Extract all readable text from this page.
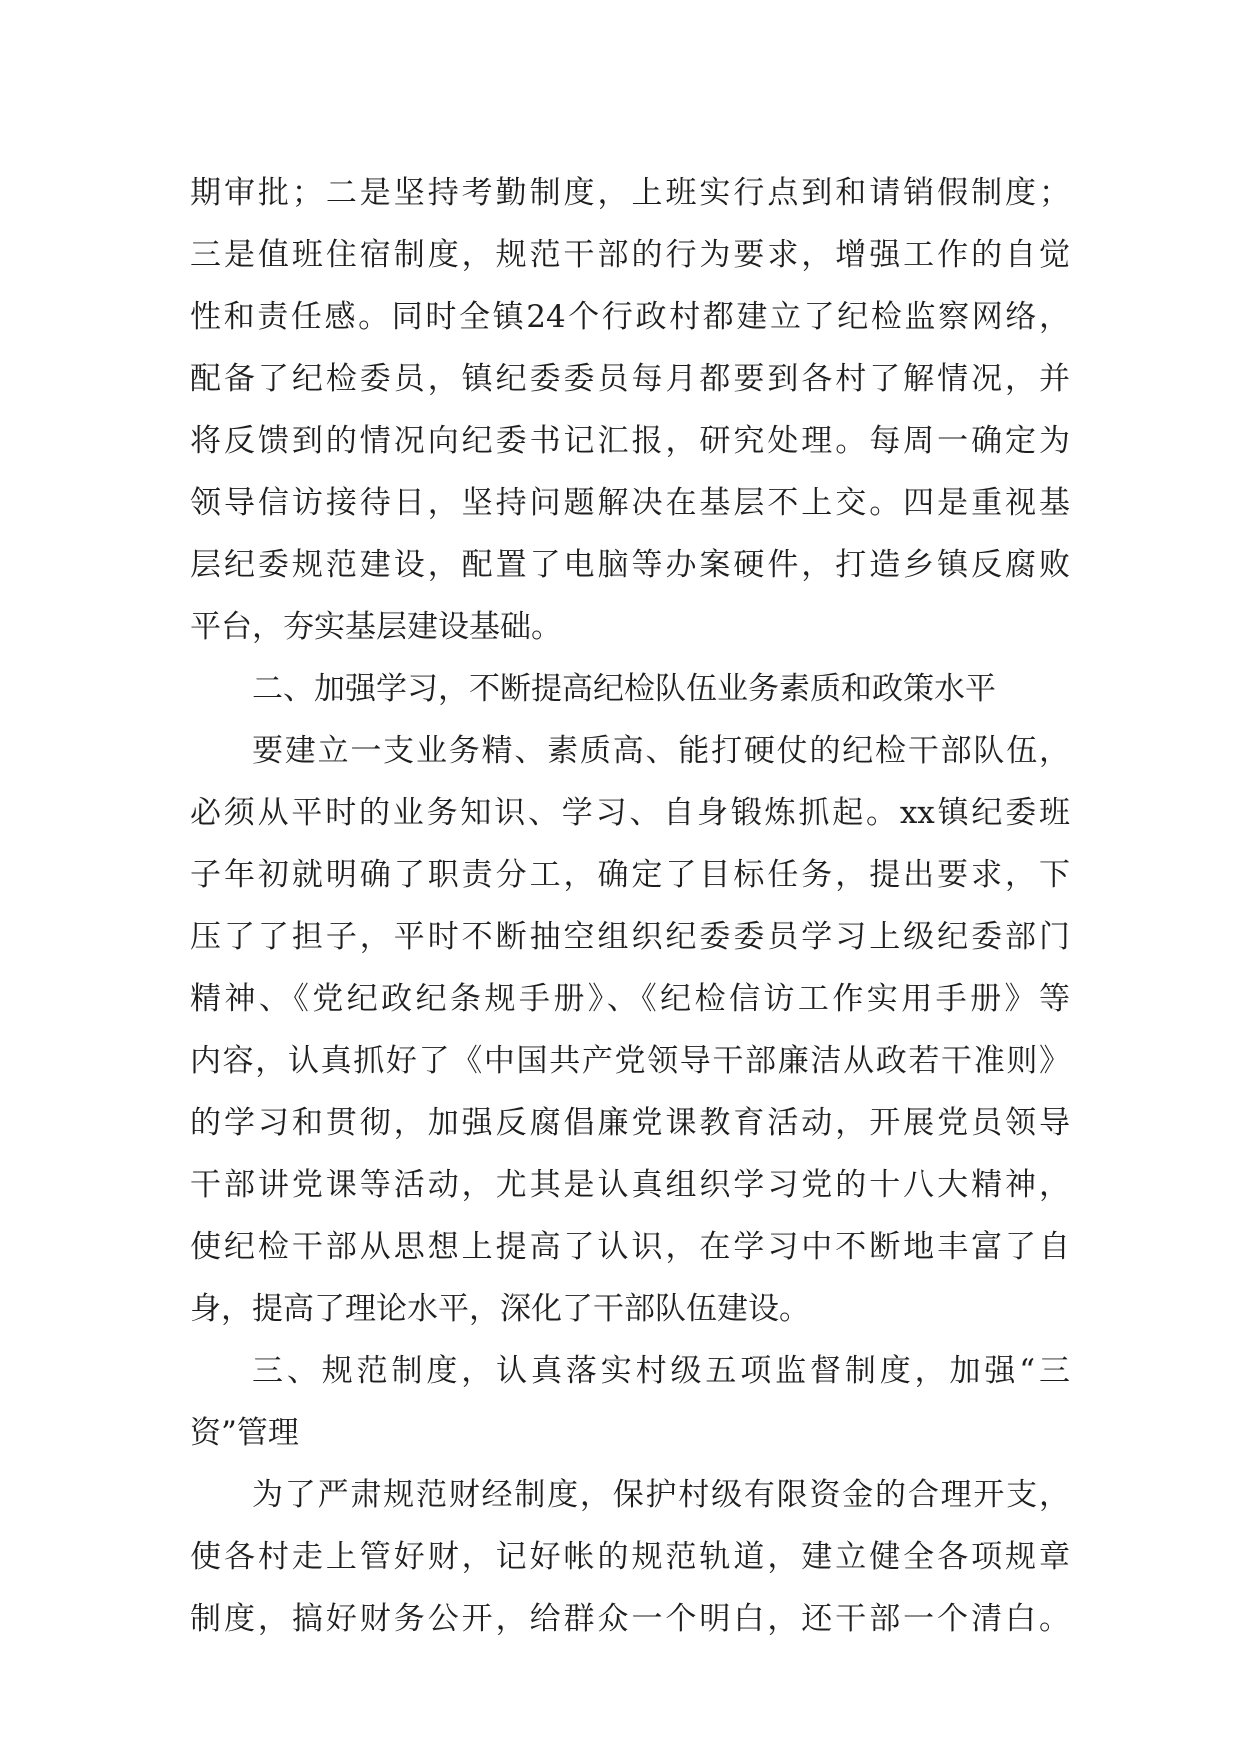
期审批；二是坚持考勤制度，上班实行点到和请销假制度；
三是值班住宿制度，规范干部的行为要求，增强工作的自觉
性和责任感。同时全镇24个行政村都建立了纪检监察网络，
配备了纪检委员，镇纪委委员每月都要到各村了解情况，并
将反馈到的情况向纪委书记汇报，研究处理。每周一确定为
领导信访接待日，坚持问题解决在基层不上交。四是重视基
层纪委规范建设，配置了电脑等办案硬件，打造乡镇反腐败
平台，夯实基层建设基础。
二、加强学习，不断提高纪检队伍业务素质和政策水平
要建立一支业务精、素质高、能打硬仗的纪检干部队伍，
必须从平时的业务知识、学习、自身锻炼抓起。xx镇纪委班
子年初就明确了职责分工，确定了目标任务，提出要求，下
压了了担子，平时不断抽空组织纪委委员学习上级纪委部门
精神、《党纪政纪条规手册》、《纪检信访工作实用手册》等
内容，认真抓好了《中国共产党领导干部廉洁从政若干准则》
的学习和贯彻，加强反腐倡廉党课教育活动，开展党员领导
干部讲党课等活动，尤其是认真组织学习党的十八大精神，
使纪检干部从思想上提高了认识，在学习中不断地丰富了自
身，提高了理论水平，深化了干部队伍建设。
三、规范制度，认真落实村级五项监督制度，加强“三
资”管理
为了严肃规范财经制度，保护村级有限资金的合理开支，
使各村走上管好财，记好帐的规范轨道，建立健全各项规章
制度，搞好财务公开，给群众一个明白，还干部一个清白。
